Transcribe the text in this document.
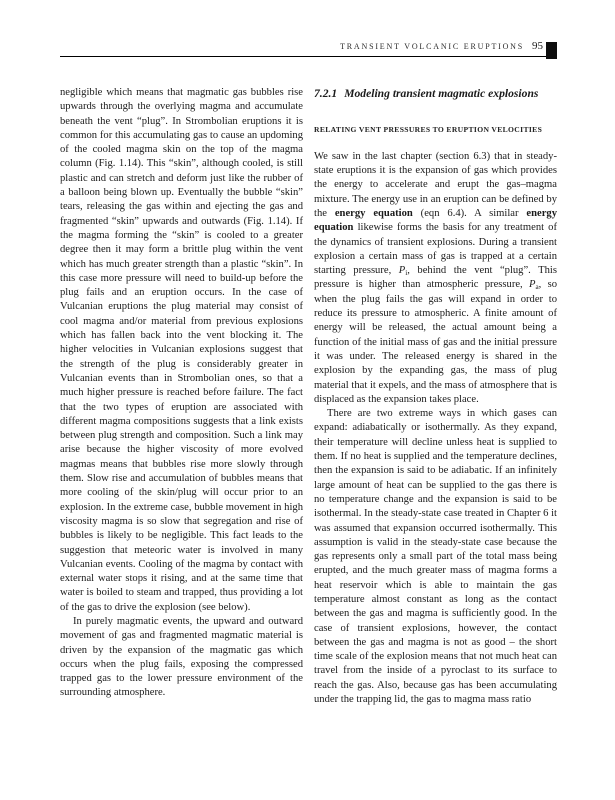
TRANSIENT VOLCANIC ERUPTIONS 95

negligible which means that magmatic gas bubbles rise upwards through the overlying magma and accumulate beneath the vent “plug”. In Strombolian eruptions it is common for this accumulating gas to cause an updoming of the cooled magma skin on the top of the magma column (Fig. 1.14). This “skin”, although cooled, is still plastic and can stretch and deform just like the rubber of a balloon being blown up. Eventually the bubble “skin” tears, releasing the gas within and ejecting the gas and fragmented “skin” upwards and outwards (Fig. 1.14). If the magma forming the “skin” is cooled to a greater degree then it may form a brittle plug within the vent which has much greater strength than a plastic “skin”. In this case more pressure will need to build-up before the plug fails and an eruption occurs. In the case of Vulcanian eruptions the plug material may consist of cool magma and/or material from previous explosions which has fallen back into the vent blocking it. The higher velocities in Vulcanian explosions suggest that the strength of the plug is considerably greater in Vulcanian events than in Strombolian ones, so that a much higher pressure is reached before failure. The fact that the two types of eruption are associated with different magma compositions suggests that a link exists between plug strength and composition. Such a link may arise because the higher viscosity of more evolved magmas means that bubbles rise more slowly through them. Slow rise and accumulation of bubbles means that more cooling of the skin/plug will occur prior to an explosion. In the extreme case, bubble movement in high viscosity magma is so slow that segregation and rise of bubbles is likely to be negligible. This fact leads to the suggestion that meteoric water is involved in many Vulcanian events. Cooling of the magma by contact with external water stops it rising, and at the same time that water is boiled to steam and trapped, thus providing a lot of the gas to drive the explosion (see below).

In purely magmatic events, the upward and outward movement of gas and fragmented magmatic material is driven by the expansion of the magmatic gas which occurs when the plug fails, exposing the compressed trapped gas to the lower pressure environment of the surrounding atmosphere.

7.2.1 Modeling transient magmatic explosions
RELATING VENT PRESSURES TO ERUPTION VELOCITIES

We saw in the last chapter (section 6.3) that in steady-state eruptions it is the expansion of gas which provides the energy to accelerate and erupt the gas–magma mixture. The energy use in an eruption can be defined by the energy equation (eqn 6.4). A similar energy equation likewise forms the basis for any treatment of the dynamics of transient explosions. During a transient explosion a certain mass of gas is trapped at a certain starting pressure, $P_i$, behind the vent “plug”. This pressure is higher than atmospheric pressure, $P_a$, so when the plug fails the gas will expand in order to reduce its pressure to atmospheric. A finite amount of energy will be released, the actual amount being a function of the initial mass of gas and the initial pressure it was under. The released energy is shared in the explosion by the expanding gas, the mass of plug material that it expels, and the mass of atmosphere that is displaced as the expansion takes place.

There are two extreme ways in which gases can expand: adiabatically or isothermally. As they expand, their temperature will decline unless heat is supplied to them. If no heat is supplied and the temperature declines, then the expansion is said to be adiabatic. If an infinitely large amount of heat can be supplied to the gas there is no temperature change and the expansion is said to be isothermal. In the steady-state case treated in Chapter 6 it was assumed that expansion occurred isothermally. This assumption is valid in the steady-state case because the gas represents only a small part of the total mass being erupted, and the much greater mass of magma forms a heat reservoir which is able to maintain the gas temperature almost constant as long as the contact between the gas and magma is sufficiently good. In the case of transient explosions, however, the contact between the gas and magma is not as good – the short time scale of the explosion means that not much heat can travel from the inside of a pyroclast to its surface to reach the gas. Also, because gas has been accumulating under the trapping lid, the gas to magma mass ratio
